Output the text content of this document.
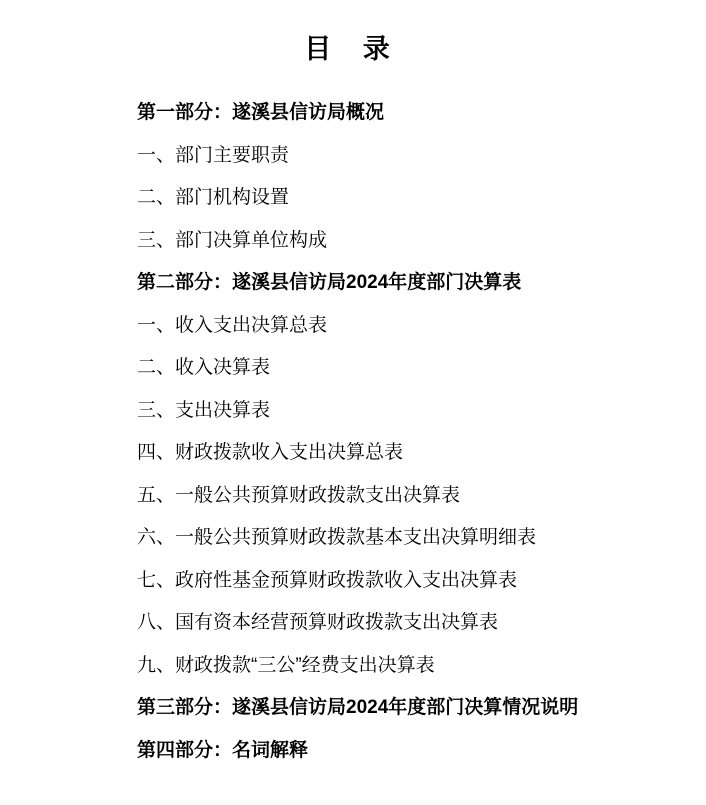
目 录
第一部分：遂溪县信访局概况
一、部门主要职责
二、部门机构设置
三、部门决算单位构成
第二部分：遂溪县信访局2024年度部门决算表
一、收入支出决算总表
二、收入决算表
三、支出决算表
四、财政拨款收入支出决算总表
五、一般公共预算财政拨款支出决算表
六、一般公共预算财政拨款基本支出决算明细表
七、政府性基金预算财政拨款收入支出决算表
八、国有资本经营预算财政拨款支出决算表
九、财政拨款“三公”经费支出决算表
第三部分：遂溪县信访局2024年度部门决算情况说明
第四部分：名词解释
